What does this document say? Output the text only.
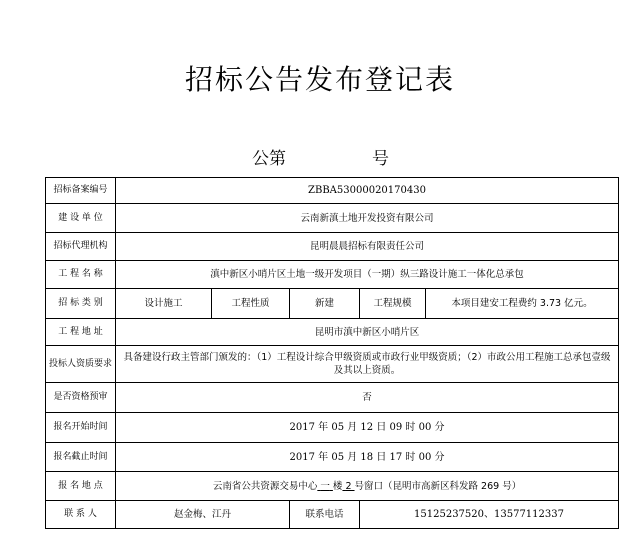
招标公告发布登记表
公第	号
招标备案编号	ZBBA53000020170430				
建 设 单 位	云南新滇土地开发投资有限公司				
招标代理机构	昆明晨晨招标有限责任公司				
工 程 名 称	滇中新区小哨片区土地一级开发项目（一期）纵三路设计施工一体化总承包				
招 标 类 别	设计施工	工程性质	新建	工程规模	本项目建安工程费约 3.73 亿元。
工 程 地 址	昆明市滇中新区小哨片区				
投标人资质要求	具备建设行政主管部门颁发的：（1）工程设计综合甲级资质或市政行业甲级资质；（2）市政公用工程施工总承包壹级及其以上资质。				
是否资格预审	否				
报名开始时间	2017 年 05 月 12 日 09 时 00 分				
报名截止时间	2017 年 05 月 18 日 17 时 00 分				
报 名 地 点	云南省公共资源交易中心 一 楼 2 号窗口（昆明市高新区科发路 269 号）				
联 系 人	赵金梅、江丹		联系电话	15125237520、13577112337	
